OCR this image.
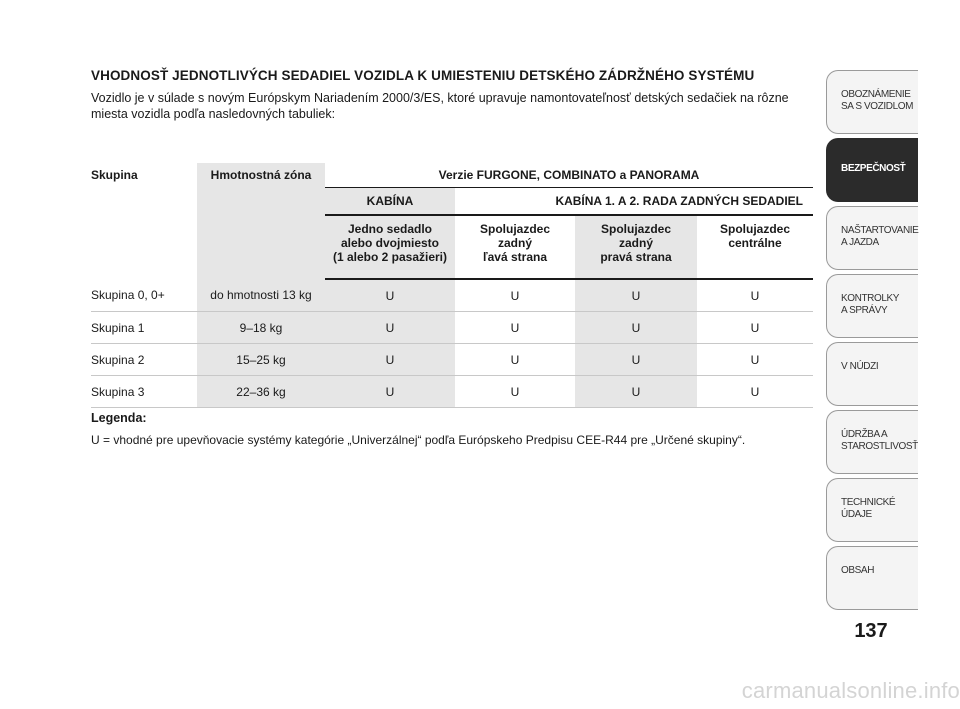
VHODNOSŤ JEDNOTLIVÝCH SEDADIEL VOZIDLA K UMIESTENIU DETSKÉHO ZÁDRŽNÉHO SYSTÉMU

Vozidlo je v súlade s novým Európskym Nariadením 2000/3/ES, ktoré upravuje namontovateľnosť detských sedačiek na rôzne miesta vozidla podľa nasledovných tabuliek:

Skupina	Hmotnostná zóna	Verzie FURGONE, COMBINATO a PANORAMA			
		KABÍNA	KABÍNA 1. A 2. RADA ZADNÝCH SEDADIEL		
		Jedno sedadlo
alebo dvojmiesto
(1 alebo 2 pasažieri)	Spolujazdec
zadný
ľavá strana	Spolujazdec
zadný
pravá strana	Spolujazdec
centrálne
Skupina 0, 0+	do hmotnosti 13 kg	U	U	U	U
Skupina 1	9–18 kg	U	U	U	U
Skupina 2	15–25 kg	U	U	U	U
Skupina 3	22–36 kg	U	U	U	U

Legenda:

U = vhodné pre upevňovacie systémy kategórie „Univerzálnej“ podľa Európskeho Predpisu CEE-R44 pre „Určené skupiny“.

OBOZNÁMENIE
SA S VOZIDLOM
BEZPEČNOSŤ
NAŠTARTOVANIE
A JAZDA
KONTROLKY
A SPRÁVY
V NÚDZI
ÚDRŽBA A
STAROSTLIVOSŤ
TECHNICKÉ
ÚDAJE
OBSAH
137
carmanualsonline.info
